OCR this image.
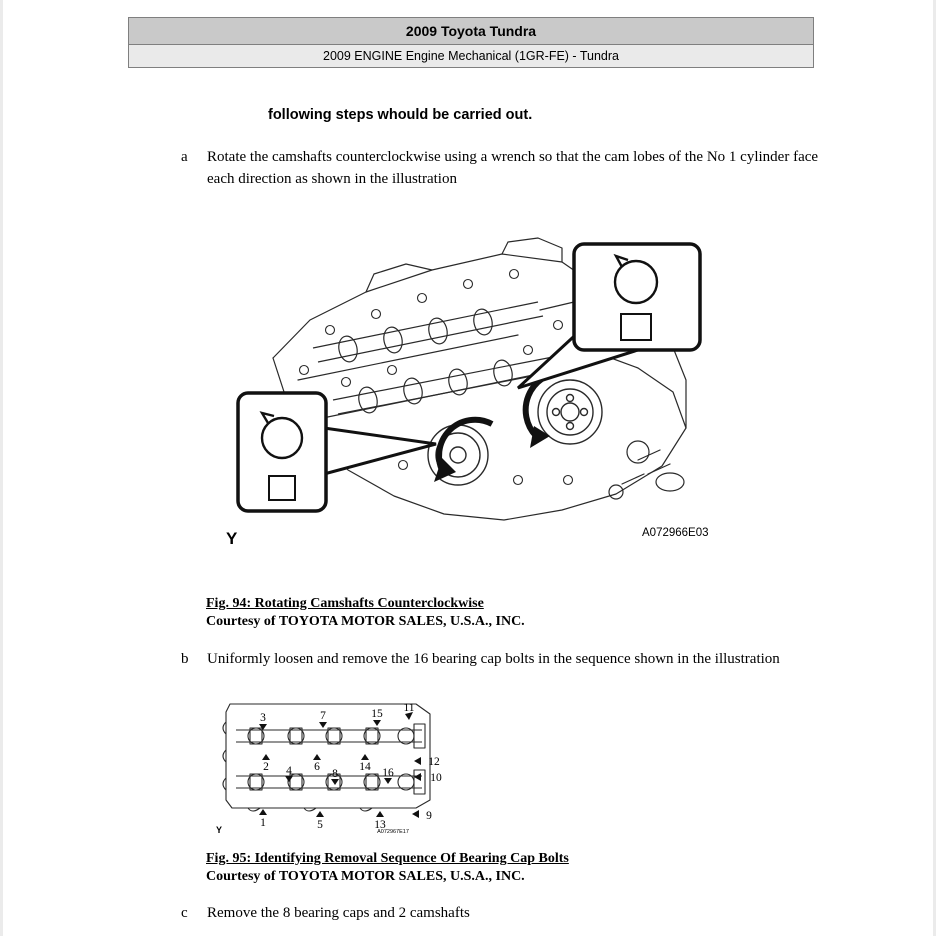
2009 Toyota Tundra
2009 ENGINE Engine Mechanical (1GR-FE) - Tundra
following steps whould be carried out.
a	Rotate the camshafts counterclockwise using a wrench so that the cam lobes of the No 1 cylinder face each direction as shown in the illustration
Y	A072966E03
Fig. 94: Rotating Camshafts Counterclockwise
Courtesy of TOYOTA MOTOR SALES, U.S.A., INC.
b	Uniformly loosen and remove the 16 bearing cap bolts in the sequence shown in the illustration
3	7	15 11
2 4 6
8
14 16
12
10
1	5	13
9
Y	A072967E17
Fig. 95: Identifying Removal Sequence Of Bearing Cap Bolts
Courtesy of TOYOTA MOTOR SALES, U.S.A., INC.
c	Remove the 8 bearing caps and 2 camshafts
